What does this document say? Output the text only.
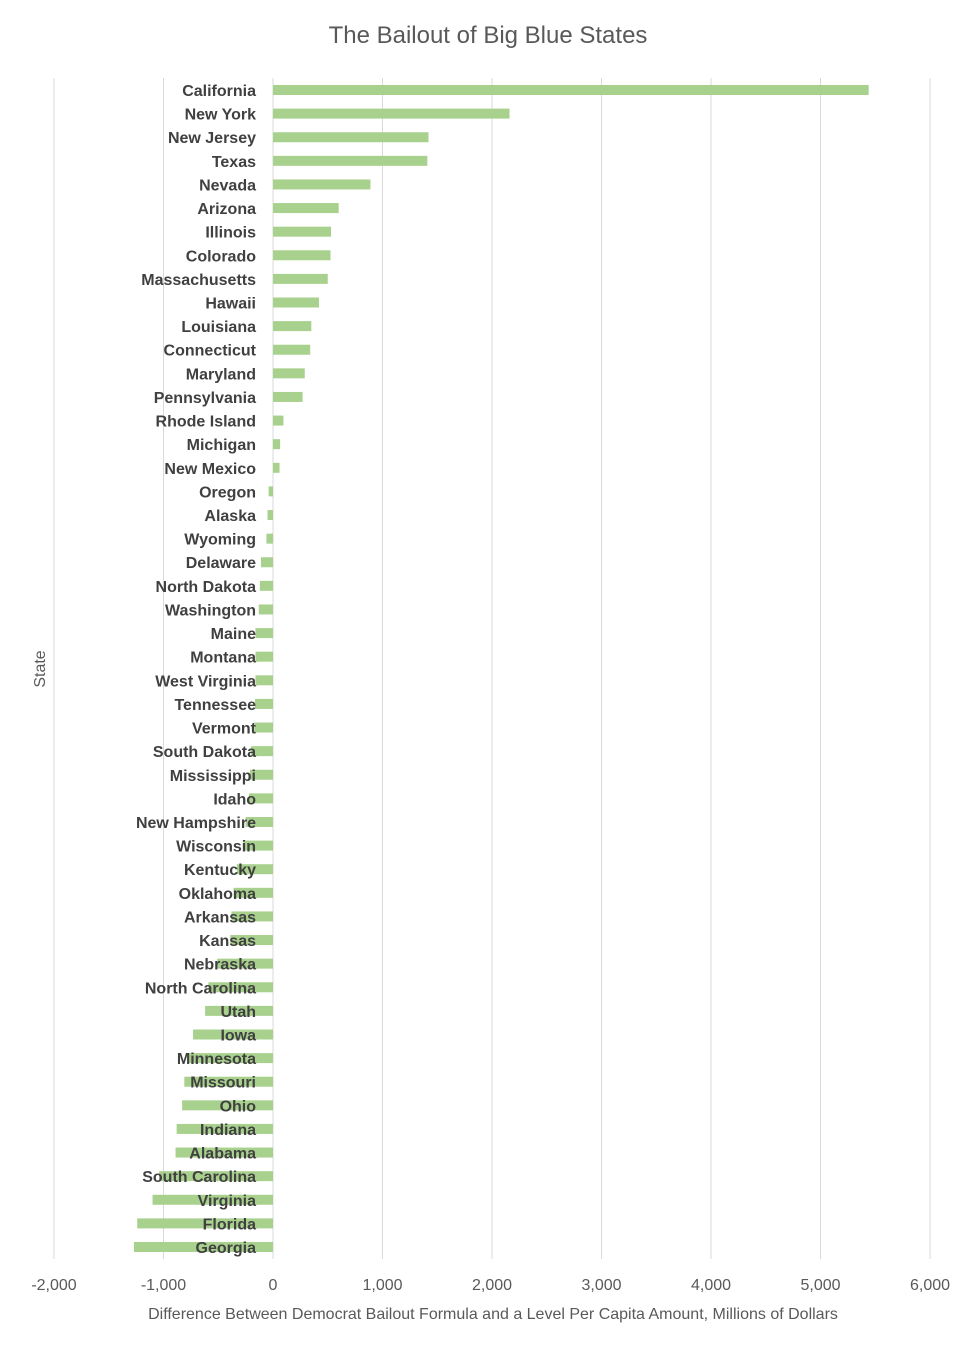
The Bailout of Big Blue States
California
New York
New Jersey
Texas
Nevada
Arizona
Illinois
Colorado
Massachusetts
Hawaii
Louisiana
Connecticut
Maryland
Pennsylvania
Rhode Island
Michigan
New Mexico
Oregon
Alaska
Wyoming
Delaware
North Dakota
Washington
Maine
Montana
West Virginia
Tennessee
Vermont
South Dakota
Mississippi
Idaho
New Hampshire
Wisconsin
Kentucky
Oklahoma
Arkansas
Kansas
Nebraska
North Carolina
Utah
Iowa
Minnesota
Missouri
Ohio
Indiana
Alabama
South Carolina
Virginia
Florida
Georgia
-2,000	-1,000	0	1,000	2,000	3,000	4,000	5,000	6,000
Difference Between Democrat Bailout Formula and a Level Per Capita Amount, Millions of Dollars
State
